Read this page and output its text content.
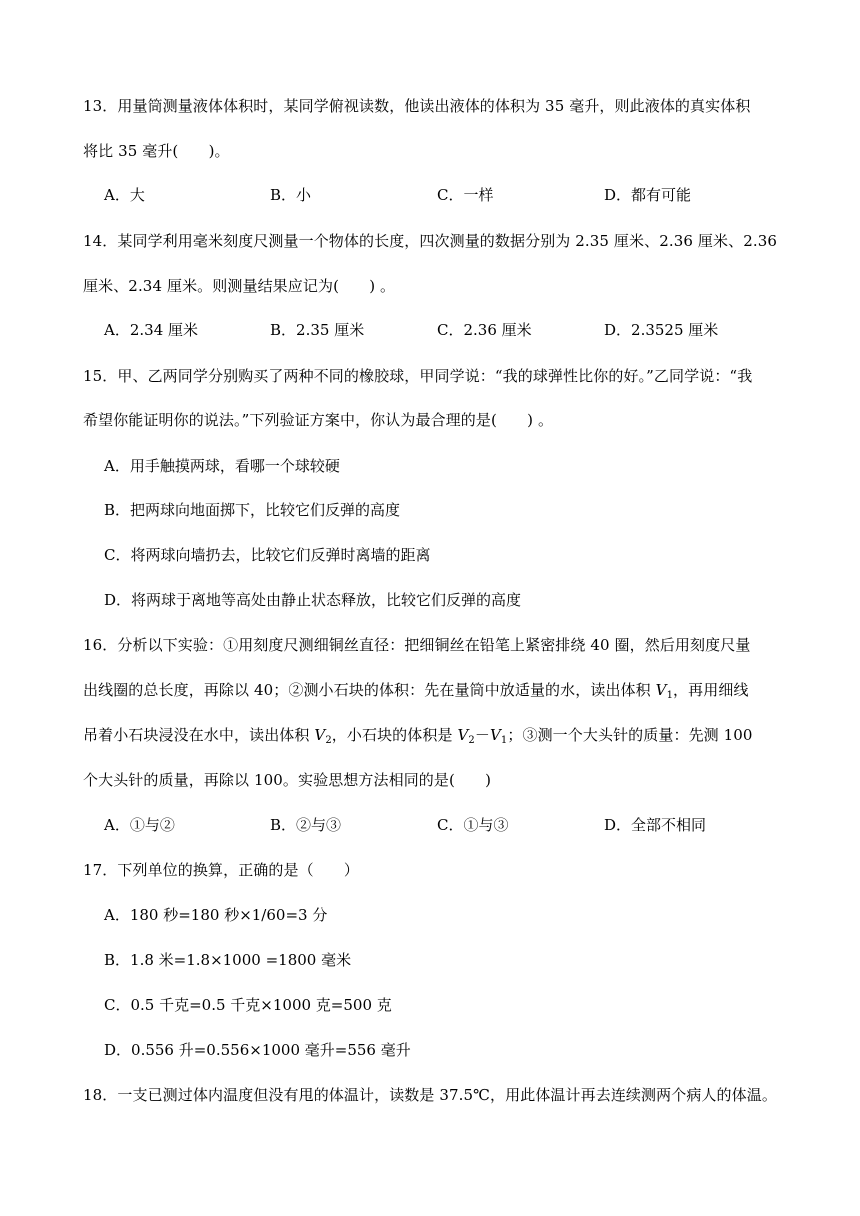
13．用量筒测量液体体积时，某同学俯视读数，他读出液体的体积为 35 毫升，则此液体的真实体积
将比 35 毫升(　　)。
A．大	B．小	C．一样	D．都有可能
14．某同学利用毫米刻度尺测量一个物体的长度，四次测量的数据分别为 2.35 厘米、2.36 厘米、2.36
厘米、2.34 厘米。则测量结果应记为(　　) 。
A．2.34 厘米	B．2.35 厘米	C．2.36 厘米	D．2.3525 厘米
15．甲、乙两同学分别购买了两种不同的橡胶球，甲同学说：“我的球弹性比你的好。”乙同学说：“我
希望你能证明你的说法。”下列验证方案中，你认为最合理的是(　　) 。
A．用手触摸两球，看哪一个球较硬
B．把两球向地面掷下，比较它们反弹的高度
C．将两球向墙扔去，比较它们反弹时离墙的距离
D．将两球于离地等高处由静止状态释放，比较它们反弹的高度
16．分析以下实验：①用刻度尺测细铜丝直径：把细铜丝在铅笔上紧密排绕 40 圈，然后用刻度尺量
出线圈的总长度，再除以 40；②测小石块的体积：先在量筒中放适量的水，读出体积 $V_1$，再用细线
吊着小石块浸没在水中，读出体积 $V_2$，小石块的体积是 $V_2-V_1$；③测一个大头针的质量：先测 100
个大头针的质量，再除以 100。实验思想方法相同的是(　　)
A．①与②	B．②与③	C．①与③	D．全部不相同
17．下列单位的换算，正确的是（　　）
A．180 秒=180 秒×1/60=3 分
B．1.8 米=1.8×1000 =1800 毫米
C．0.5 千克=0.5 千克×1000 克=500 克
D．0.556 升=0.556×1000 毫升=556 毫升
18．一支已测过体内温度但没有甩的体温计，读数是 37.5℃，用此体温计再去连续测两个病人的体温。
